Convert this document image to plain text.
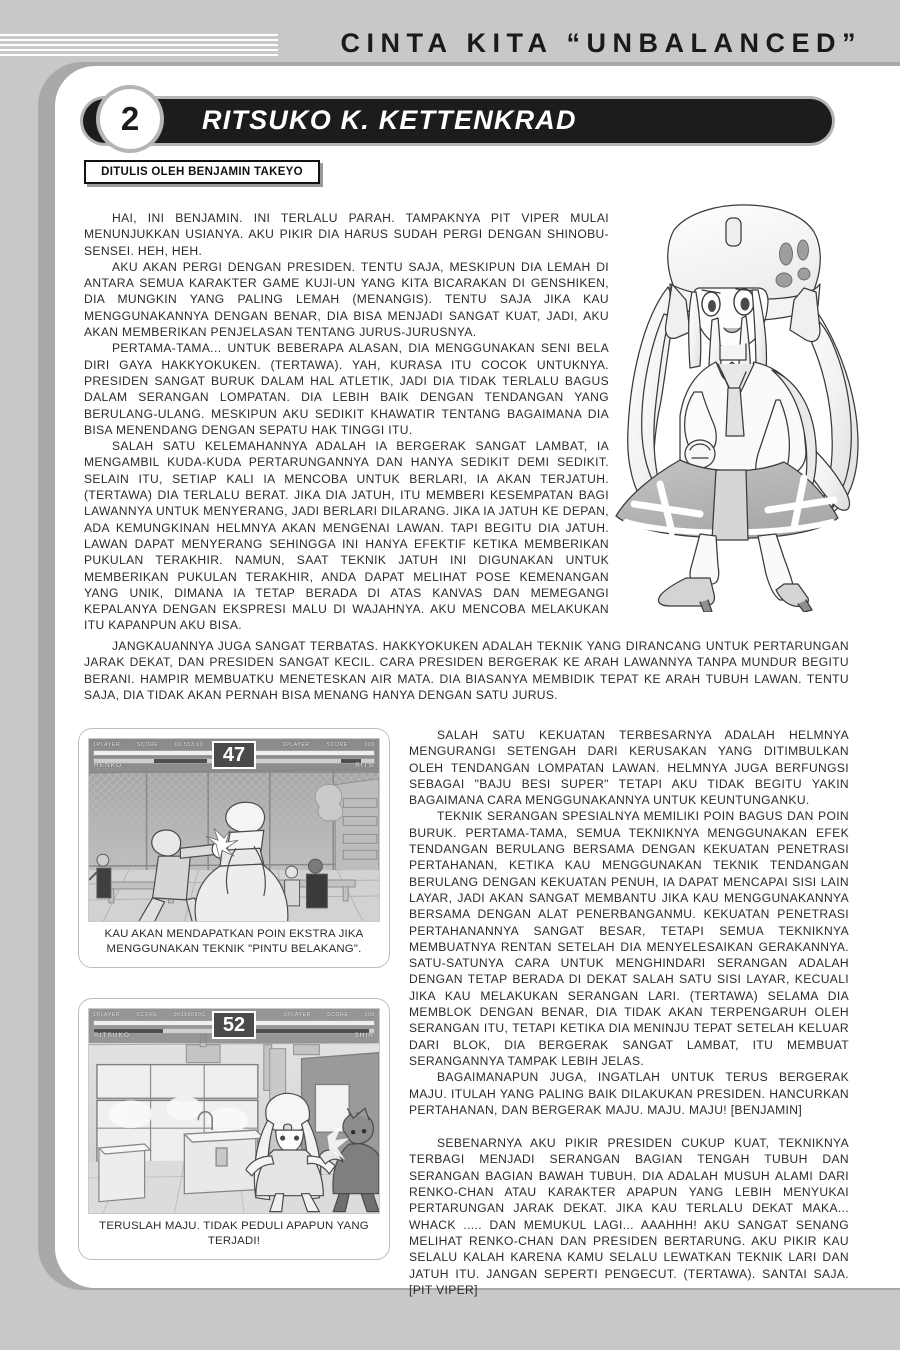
CINTA KITA “UNBALANCED”
2	RITSUKO K. KETTENKRAD
DITULIS OLEH BENJAMIN TAKEYO

HAI, INI BENJAMIN. INI TERLALU PARAH. TAMPAKNYA PIT VIPER MULAI MENUNJUKKAN USIANYA. AKU PIKIR DIA HARUS SUDAH PERGI DENGAN SHINOBU-SENSEI. HEH, HEH.

AKU AKAN PERGI DENGAN PRESIDEN. TENTU SAJA, MESKIPUN DIA LEMAH DI ANTARA SEMUA KARAKTER GAME KUJI-UN YANG KITA BICARAKAN DI GENSHIKEN, DIA MUNGKIN YANG PALING LEMAH (MENANGIS). TENTU SAJA JIKA KAU MENGGUNAKANNYA DENGAN BENAR, DIA BISA MENJADI SANGAT KUAT, JADI, AKU AKAN MEMBERIKAN PENJELASAN TENTANG JURUS-JURUSNYA.

PERTAMA-TAMA... UNTUK BEBERAPA ALASAN, DIA MENGGUNAKAN SENI BELA DIRI GAYA HAKKYOKUKEN. (TERTAWA). YAH, KURASA ITU COCOK UNTUKNYA. PRESIDEN SANGAT BURUK DALAM HAL ATLETIK, JADI DIA TIDAK TERLALU BAGUS DALAM SERANGAN LOMPATAN. DIA LEBIH BAIK DENGAN TENDANGAN YANG BERULANG-ULANG. MESKIPUN AKU SEDIKIT KHAWATIR TENTANG BAGAIMANA DIA BISA MENENDANG DENGAN SEPATU HAK TINGGI ITU.

SALAH SATU KELEMAHANNYA ADALAH IA BERGERAK SANGAT LAMBAT, IA MENGAMBIL KUDA-KUDA PERTARUNGANNYA DAN HANYA SEDIKIT DEMI SEDIKIT. SELAIN ITU, SETIAP KALI IA MENCOBA UNTUK BERLARI, IA AKAN TERJATUH. (TERTAWA) DIA TERLALU BERAT. JIKA DIA JATUH, ITU MEMBERI KESEMPATAN BAGI LAWANNYA UNTUK MENYERANG, JADI BERLARI DILARANG. JIKA IA JATUH KE DEPAN, ADA KEMUNGKINAN HELMNYA AKAN MENGENAI LAWAN. TAPI BEGITU DIA JATUH. LAWAN DAPAT MENYERANG SEHINGGA INI HANYA EFEKTIF KETIKA MEMBERIKAN PUKULAN TERAKHIR. NAMUN, SAAT TEKNIK JATUH INI DIGUNAKAN UNTUK MEMBERIKAN PUKULAN TERAKHIR, ANDA DAPAT MELIHAT POSE KEMENANGAN YANG UNIK, DIMANA IA TETAP BERADA DI ATAS KANVAS DAN MEMEGANGI KEPALANYA DENGAN EKSPRESI MALU DI WAJAHNYA. AKU MENCOBA MELAKUKAN ITU KAPANPUN AKU BISA.

JANGKAUANNYA JUGA SANGAT TERBATAS. HAKKYOKUKEN ADALAH TEKNIK YANG DIRANCANG UNTUK PERTARUNGAN JARAK DEKAT, DAN PRESIDEN SANGAT KECIL. CARA PRESIDEN BERGERAK KE ARAH LAWANNYA TANPA MUNDUR BEGITU BERANI. HAMPIR MEMBUATKU MENETESKAN AIR MATA. DIA BIASANYA MEMBIDIK TEPAT KE ARAH TUBUH LAWAN. TENTU SAJA, DIA TIDAK AKAN PERNAH BISA MENANG HANYA DENGAN SATU JURUS.

SALAH SATU KEKUATAN TERBESARNYA ADALAH HELMNYA MENGURANGI SETENGAH DARI KERUSAKAN YANG DITIMBULKAN OLEH TENDANGAN LOMPATAN LAWAN. HELMNYA JUGA BERFUNGSI SEBAGAI "BAJU BESI SUPER" TETAPI AKU TIDAK BEGITU YAKIN BAGAIMANA CARA MENGGUNAKANNYA UNTUK KEUNTUNGANKU.

TEKNIK SERANGAN SPESIALNYA MEMILIKI POIN BAGUS DAN POIN BURUK. PERTAMA-TAMA, SEMUA TEKNIKNYA MENGGUNAKAN EFEK TENDANGAN BERULANG BERSAMA DENGAN KEKUATAN PENETRASI PERTAHANAN, KETIKA KAU MENGGUNAKAN TEKNIK TENDANGAN BERULANG DENGAN KEKUATAN PENUH, IA DAPAT MENCAPAI SISI LAIN LAYAR, JADI AKAN SANGAT MEMBANTU JIKA KAU MENGGUNAKANNYA BERSAMA DENGAN ALAT PENERBANGANMU. KEKUATAN PENETRASI PERTAHANANNYA SANGAT BESAR, TETAPI SEMUA TEKNIKNYA MEMBUATNYA RENTAN SETELAH DIA MENYELESAIKAN GERAKANNYA. SATU-SATUNYA CARA UNTUK MENGHINDARI SERANGAN ADALAH DENGAN TETAP BERADA DI DEKAT SALAH SATU SISI LAYAR, KECUALI JIKA KAU MELAKUKAN SERANGAN LARI. (TERTAWA) SELAMA DIA MEMBLOK DENGAN BENAR, DIA TIDAK AKAN TERPENGARUH OLEH SERANGAN ITU, TETAPI KETIKA DIA MENINJU TEPAT SETELAH KELUAR DARI BLOK, DIA BERGERAK SANGAT LAMBAT, ITU MEMBUAT SERANGANNYA TAMPAK LEBIH JELAS.

BAGAIMANAPUN JUGA, INGATLAH UNTUK TERUS BERGERAK MAJU. ITULAH YANG PALING BAIK DILAKUKAN PRESIDEN. HANCURKAN PERTAHANAN, DAN BERGERAK MAJU. MAJU. MAJU! [BENJAMIN]

SEBENARNYA AKU PIKIR PRESIDEN CUKUP KUAT, TEKNIKNYA TERBAGI MENJADI SERANGAN BAGIAN TENGAH TUBUH DAN SERANGAN BAGIAN BAWAH TUBUH. DIA ADALAH MUSUH ALAMI DARI RENKO-CHAN ATAU KARAKTER APAPUN YANG LEBIH MENYUKAI PERTARUNGAN JARAK DEKAT. JIKA KAU TERLALU DEKAT MAKA... WHACK ..... DAN MEMUKUL LAGI... AAAHHH! AKU SANGAT SENANG MELIHAT RENKO-CHAN DAN PRESIDEN BERTARUNG. AKU PIKIR KAU SELALU KALAH KARENA KAMU SELALU LEWATKAN TEKNIK LARI DAN JATUH ITU. JANGAN SEPERTI PENGECUT. (TERTAWA). SANTAI SAJA. [PIT VIPER]

1PLAYER	SCORE	00 553 00	2PLAYER	SCORE	000
47
RENKO	RITS
KAU AKAN MENDAPATKAN POIN EKSTRA JIKA MENGGUNAKAN TEKNIK "PINTU BELAKANG".
1PLAYER	SCORE	00156690C	2PLAYER	SCORE	000
52
RITSUKO	SHIR
TERUSLAH MAJU. TIDAK PEDULI APAPUN YANG TERJADI!
